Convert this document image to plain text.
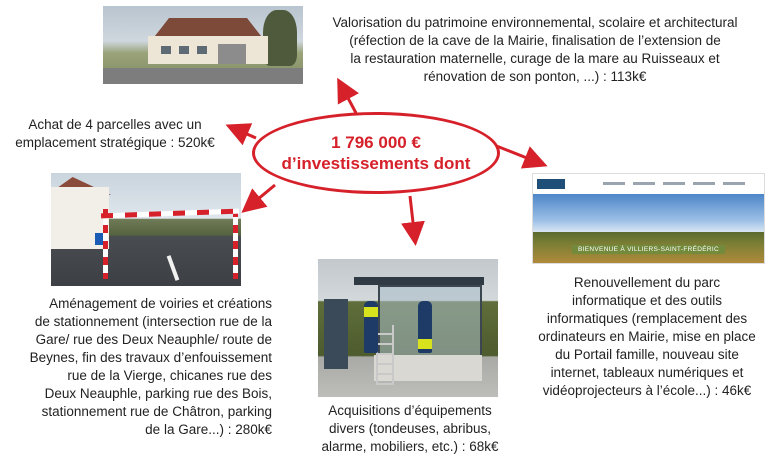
BIENVENUE À VILLIERS-SAINT-FRÉDÉRIC
1 796 000 €
d’investissements dont
Valorisation du patrimoine environnemental, scolaire et architectural
(réfection de la cave de la Mairie, finalisation de l’extension de
la restauration maternelle, curage de la mare au Ruisseaux et
rénovation de son ponton, ...) : 113k€
Achat de 4 parcelles avec un
emplacement stratégique : 520k€
Aménagement de voiries et créations
de stationnement (intersection rue de la
Gare/ rue des Deux Neauphle/ route de
Beynes, fin des travaux d’enfouissement
rue de la Vierge, chicanes rue des
Deux Neauphle, parking rue des Bois,
stationnement rue de Châtron, parking
de la Gare...) : 280k€
Acquisitions d’équipements
divers (tondeuses, abribus,
alarme, mobiliers, etc.) : 68k€
Renouvellement du parc
informatique et des outils
informatiques (remplacement des
ordinateurs en Mairie, mise en place
du Portail famille, nouveau site
internet, tableaux numériques et
vidéoprojecteurs à l’école...) : 46k€
